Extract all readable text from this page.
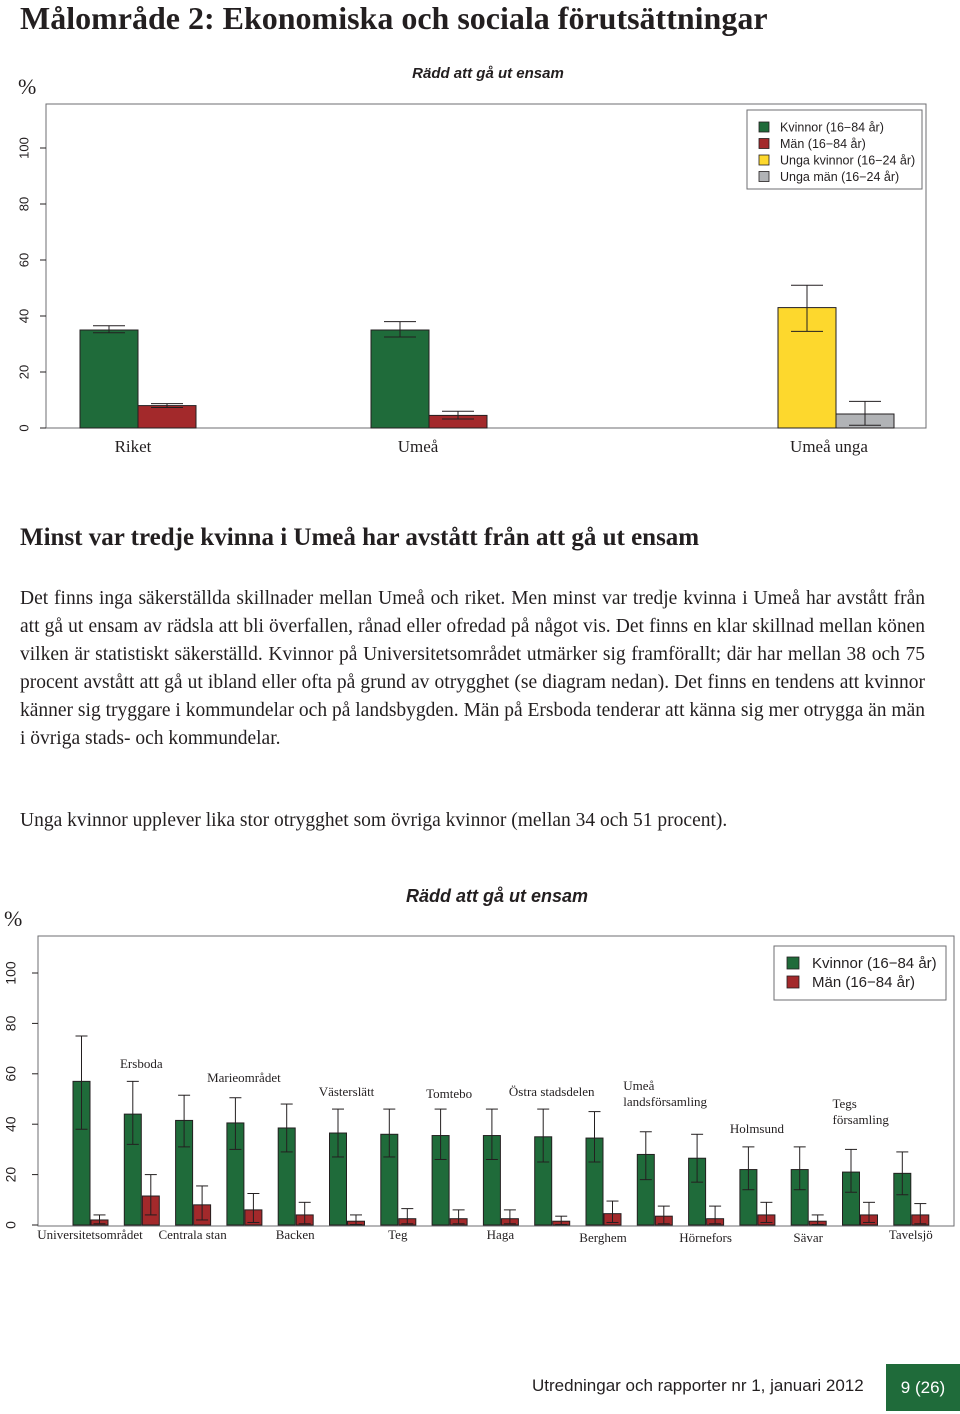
Målområde 2: Ekonomiska och sociala förutsättningar
%
Rädd att gå ut ensam
0
20
40
60
80
100
Riket	Umeå	Umeå unga
Kvinnor (16−84 år)
Män (16−84 år)
Unga kvinnor (16−24 år)
Unga män (16−24 år)
Minst var tredje kvinna i Umeå har avstått från att gå ut ensam

Det finns inga säkerställda skillnader mellan Umeå och riket. Men minst var tredje kvinna i Umeå har avstått från att gå ut ensam av rädsla att bli överfallen, rånad eller ofredad på något vis. Det finns en klar skillnad mellan könen vilken är statistiskt säkerställd. Kvinnor på Universitetsområdet utmärker sig framförallt; där har mellan 38 och 75 procent avstått att gå ut ibland eller ofta på grund av otrygghet (se diagram nedan). Det finns en tendens att kvinnor känner sig tryggare i kommundelar och på landsbygden. Män på Ersboda tenderar att känna sig mer otrygga än män i övriga stads- och kommundelar.

Unga kvinnor upplever lika stor otrygghet som övriga kvinnor (mellan 34 och 51 procent).

%
Rädd att gå ut ensam
0
20
40
60
80
100
Universitetsområdet
Ersboda
Centrala stan
Marieområdet
Backen
Västerslätt
Teg
Tomtebo
Haga
Östra stadsdelen
Berghem
Umeå landsförsamling
Hörnefors
Holmsund
Sävar
Tegs församling
Tavelsjö
Kvinnor (16−84 år)
Män (16−84 år)
Utredningar och rapporter nr 1, januari 2012 9 (26)
